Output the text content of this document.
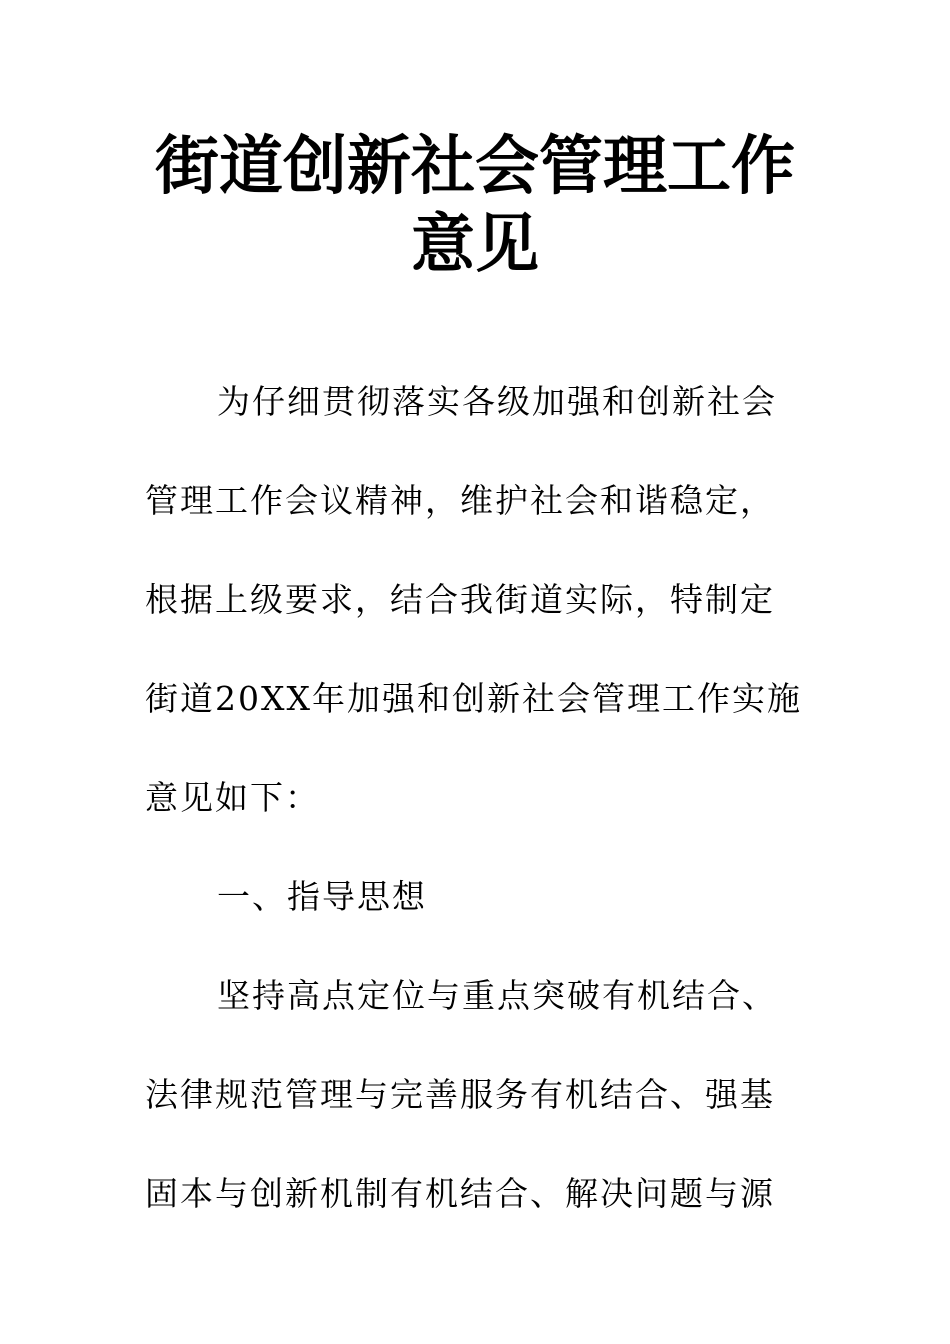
街道创新社会管理工作意见
为仔细贯彻落实各级加强和创新社会
管理工作会议精神，维护社会和谐稳定，
根据上级要求，结合我街道实际，特制定
街道20XX年加强和创新社会管理工作实施
意见如下：
一、指导思想
坚持高点定位与重点突破有机结合、
法律规范管理与完善服务有机结合、强基
固本与创新机制有机结合、解决问题与源
